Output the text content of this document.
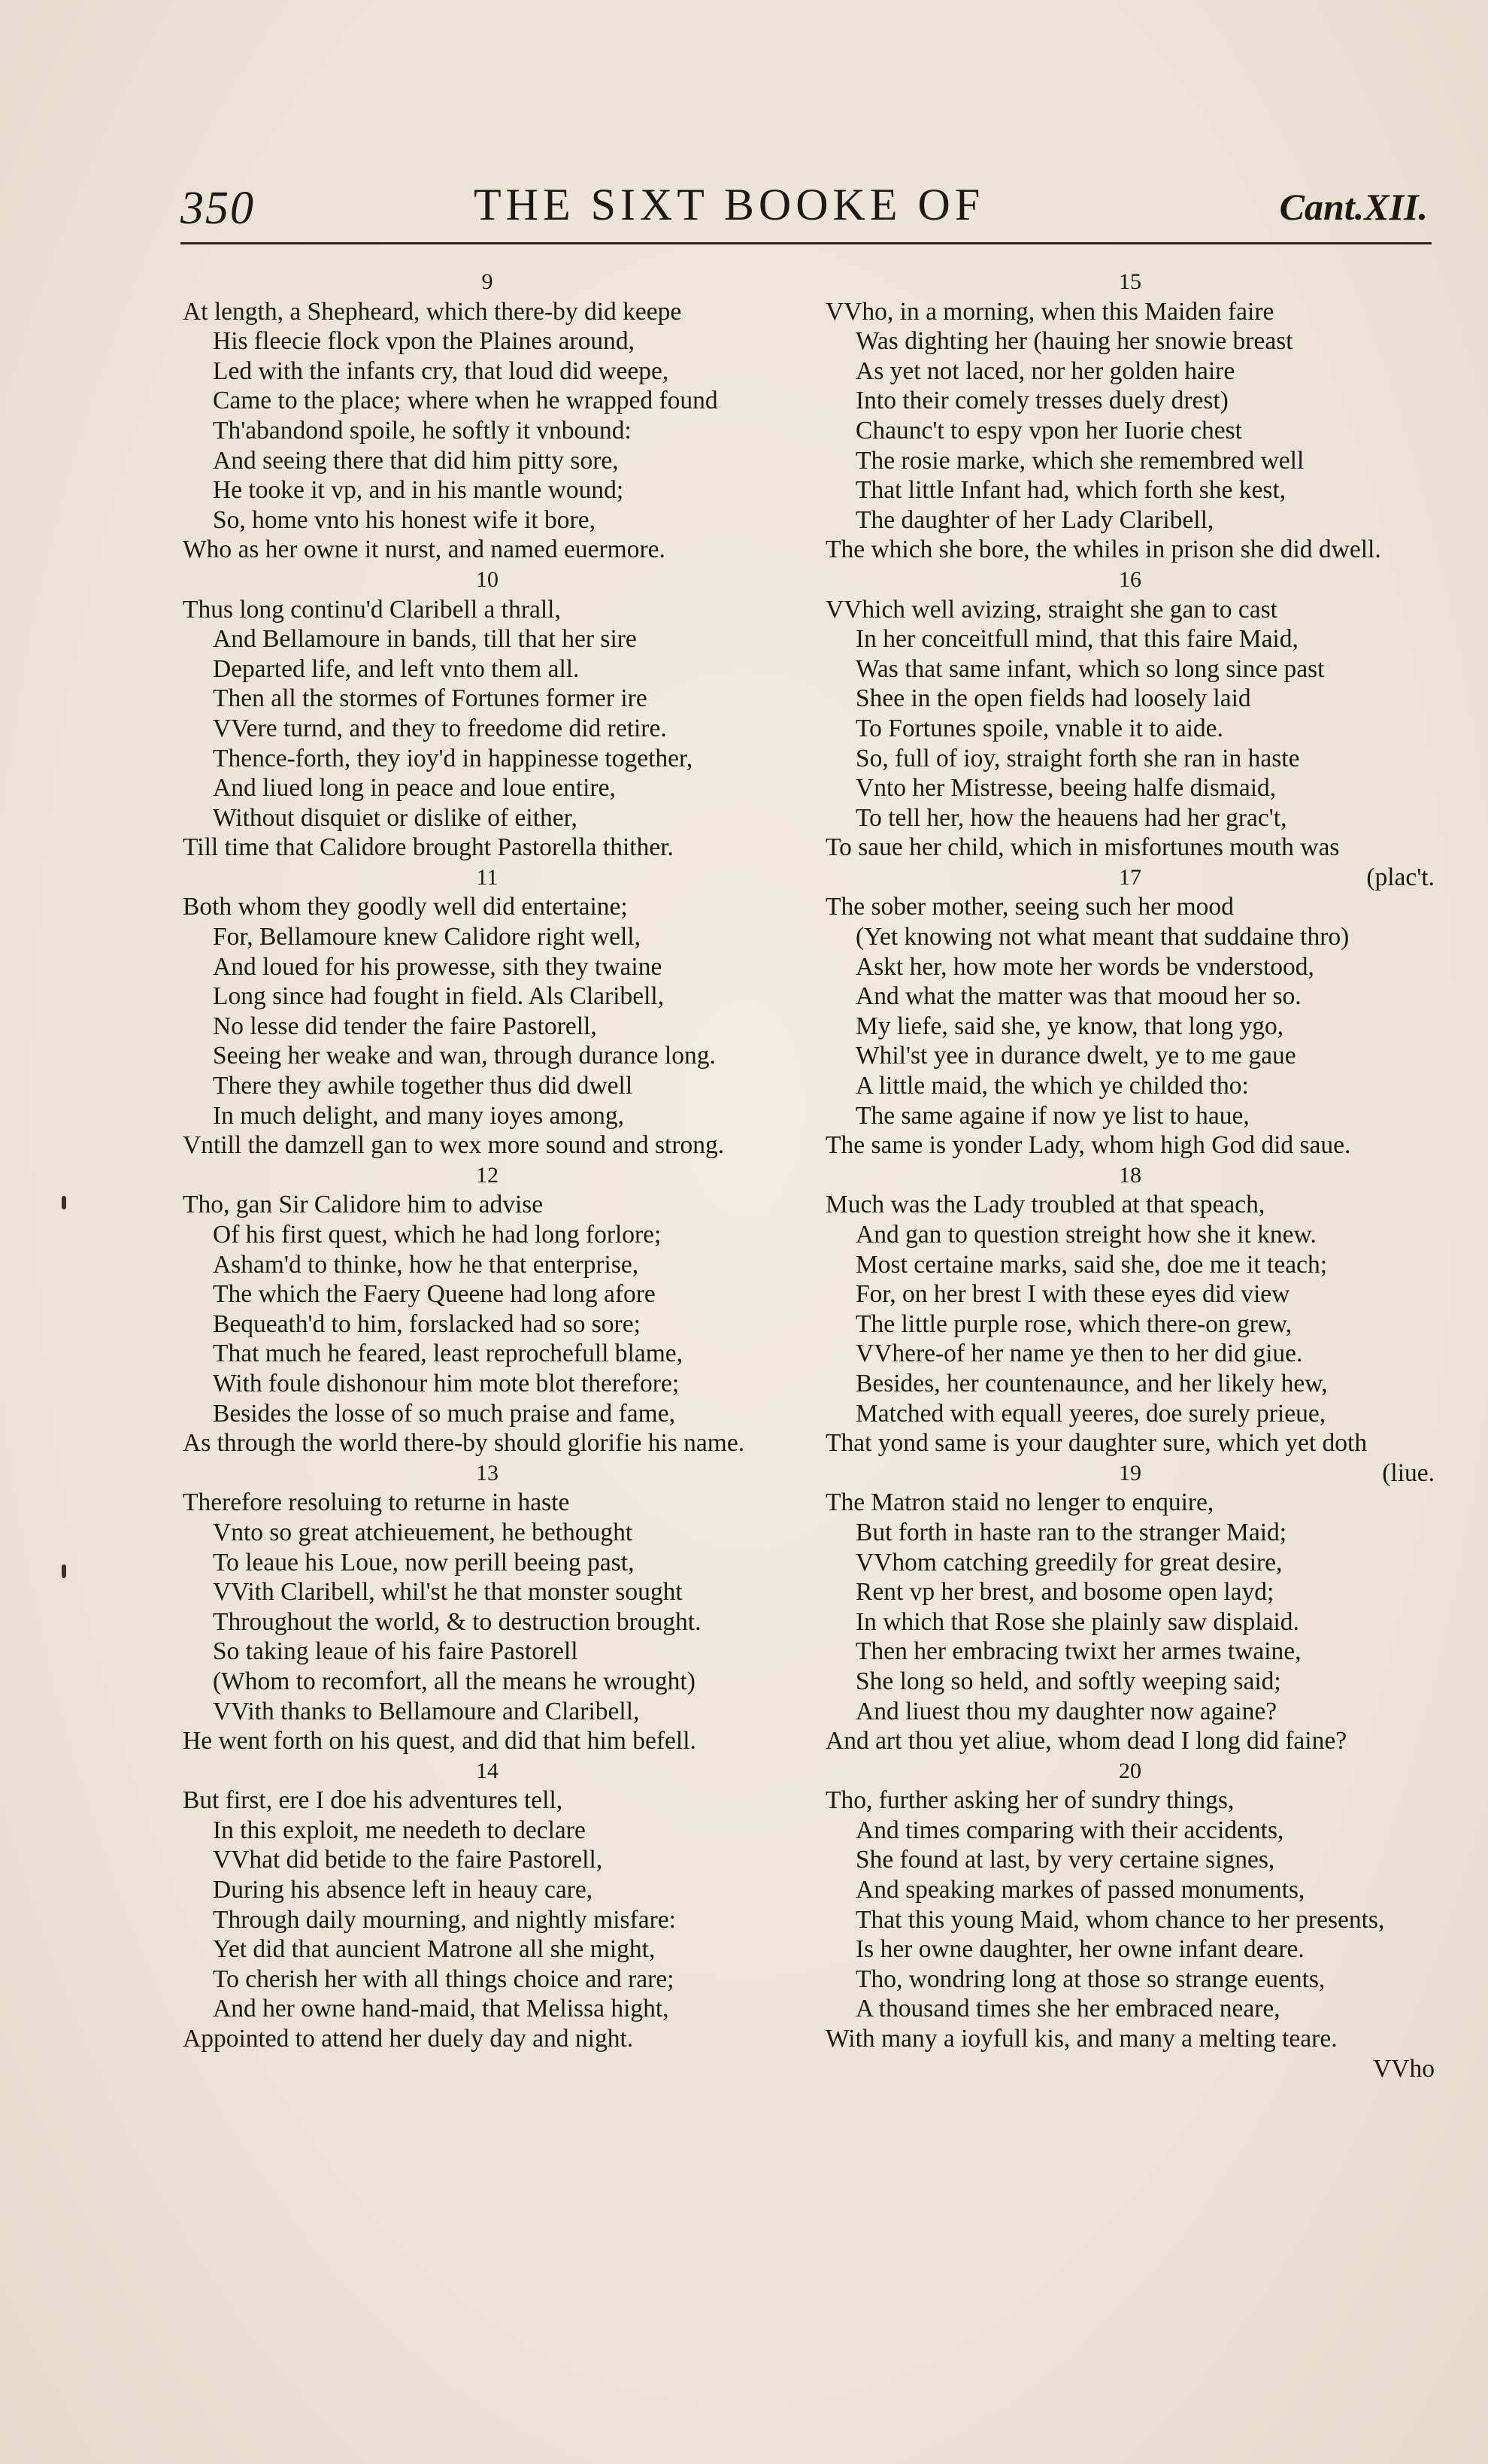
350	THE SIXT BOOKE OF	Cant.XII.
9
At length, a Shepheard, which there-by did keepe
His fleecie flock vpon the Plaines around,
Led with the infants cry, that loud did weepe,
Came to the place; where when he wrapped found
Th'abandond spoile, he softly it vnbound:
And seeing there that did him pitty sore,
He tooke it vp, and in his mantle wound;
So, home vnto his honest wife it bore,
Who as her owne it nurst, and named euermore.
10
Thus long continu'd Claribell a thrall,
And Bellamoure in bands, till that her sire
Departed life, and left vnto them all.
Then all the stormes of Fortunes former ire
VVere turnd, and they to freedome did retire.
Thence-forth, they ioy'd in happinesse together,
And liued long in peace and loue entire,
Without disquiet or dislike of either,
Till time that Calidore brought Pastorella thither.
11
Both whom they goodly well did entertaine;
For, Bellamoure knew Calidore right well,
And loued for his prowesse, sith they twaine
Long since had fought in field. Als Claribell,
No lesse did tender the faire Pastorell,
Seeing her weake and wan, through durance long.
There they awhile together thus did dwell
In much delight, and many ioyes among,
Vntill the damzell gan to wex more sound and strong.
12
Tho, gan Sir Calidore him to advise
Of his first quest, which he had long forlore;
Asham'd to thinke, how he that enterprise,
The which the Faery Queene had long afore
Bequeath'd to him, forslacked had so sore;
That much he feared, least reprochefull blame,
With foule dishonour him mote blot therefore;
Besides the losse of so much praise and fame,
As through the world there-by should glorifie his name.
13
Therefore resoluing to returne in haste
Vnto so great atchieuement, he bethought
To leaue his Loue, now perill beeing past,
VVith Claribell, whil'st he that monster sought
Throughout the world, & to destruction brought.
So taking leaue of his faire Pastorell
(Whom to recomfort, all the means he wrought)
VVith thanks to Bellamoure and Claribell,
He went forth on his quest, and did that him befell.
14
But first, ere I doe his adventures tell,
In this exploit, me needeth to declare
VVhat did betide to the faire Pastorell,
During his absence left in heauy care,
Through daily mourning, and nightly misfare:
Yet did that auncient Matrone all she might,
To cherish her with all things choice and rare;
And her owne hand-maid, that Melissa hight,
Appointed to attend her duely day and night.
15
VVho, in a morning, when this Maiden faire
Was dighting her (hauing her snowie breast
As yet not laced, nor her golden haire
Into their comely tresses duely drest)
Chaunc't to espy vpon her Iuorie chest
The rosie marke, which she remembred well
That little Infant had, which forth she kest,
The daughter of her Lady Claribell,
The which she bore, the whiles in prison she did dwell.
16
VVhich well avizing, straight she gan to cast
In her conceitfull mind, that this faire Maid,
Was that same infant, which so long since past
Shee in the open fields had loosely laid
To Fortunes spoile, vnable it to aide.
So, full of ioy, straight forth she ran in haste
Vnto her Mistresse, beeing halfe dismaid,
To tell her, how the heauens had her grac't,
To saue her child, which in misfortunes mouth was
17	(plac't.
The sober mother, seeing such her mood
(Yet knowing not what meant that suddaine thro)
Askt her, how mote her words be vnderstood,
And what the matter was that mooud her so.
My liefe, said she, ye know, that long ygo,
Whil'st yee in durance dwelt, ye to me gaue
A little maid, the which ye childed tho:
The same againe if now ye list to haue,
The same is yonder Lady, whom high God did saue.
18
Much was the Lady troubled at that speach,
And gan to question streight how she it knew.
Most certaine marks, said she, doe me it teach;
For, on her brest I with these eyes did view
The little purple rose, which there-on grew,
VVhere-of her name ye then to her did giue.
Besides, her countenaunce, and her likely hew,
Matched with equall yeeres, doe surely prieue,
That yond same is your daughter sure, which yet doth
19	(liue.
The Matron staid no lenger to enquire,
But forth in haste ran to the stranger Maid;
VVhom catching greedily for great desire,
Rent vp her brest, and bosome open layd;
In which that Rose she plainly saw displaid.
Then her embracing twixt her armes twaine,
She long so held, and softly weeping said;
And liuest thou my daughter now againe?
And art thou yet aliue, whom dead I long did faine?
20
Tho, further asking her of sundry things,
And times comparing with their accidents,
She found at last, by very certaine signes,
And speaking markes of passed monuments,
That this young Maid, whom chance to her presents,
Is her owne daughter, her owne infant deare.
Tho, wondring long at those so strange euents,
A thousand times she her embraced neare,
With many a ioyfull kis, and many a melting teare.
VVho
